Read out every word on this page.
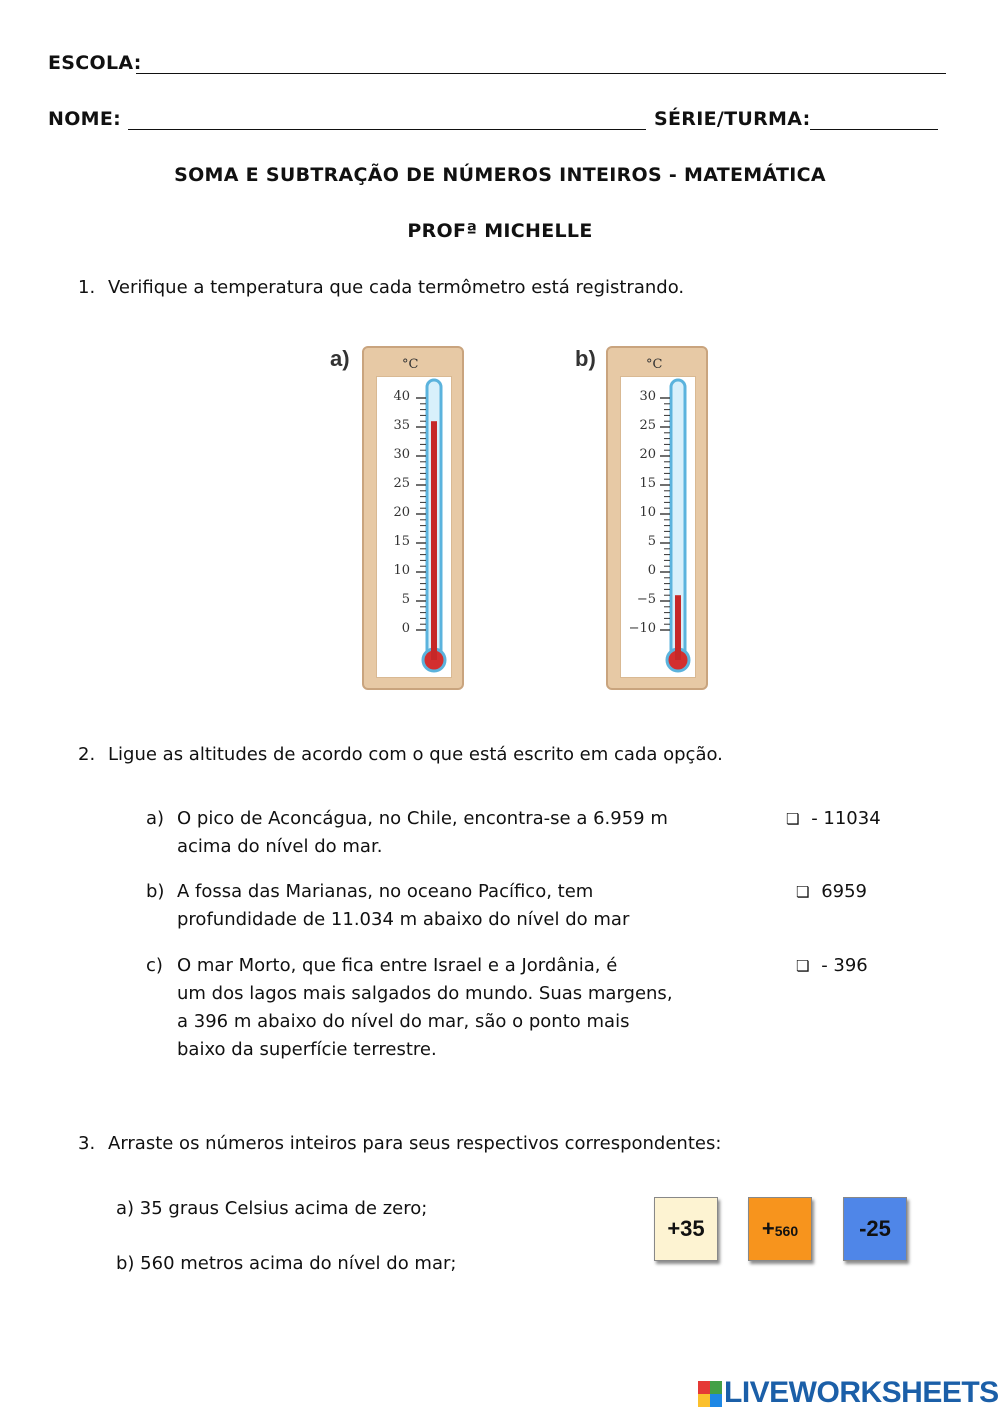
ESCOLA:
NOME:	SÉRIE/TURMA:
SOMA E SUBTRAÇÃO DE NÚMEROS INTEIROS - MATEMÁTICA
PROFª MICHELLE
1. Verifique a temperatura que cada termômetro está registrando.
a)	°C
40
35
30
25
20
15
10
5
0
b)	°C
30
25
20
15
10
5
0
−5
−10
2. Ligue as altitudes de acordo com o que está escrito em cada opção.
a) O pico de Aconcágua, no Chile, encontra-se a 6.959 m
acima do nível do mar.
b) A fossa das Marianas, no oceano Pacífico, tem
profundidade de 11.034 m abaixo do nível do mar
c) O mar Morto, que fica entre Israel e a Jordânia, é
um dos lagos mais salgados do mundo. Suas margens,
a 396 m abaixo do nível do mar, são o ponto mais
baixo da superfície terrestre.
❏ - 11034
❏ 6959
❏ - 396
3. Arraste os números inteiros para seus respectivos correspondentes:
a) 35 graus Celsius acima de zero;
b) 560 metros acima do nível do mar;
+35	+ 560	-25
LIVEWORKSHEETS
